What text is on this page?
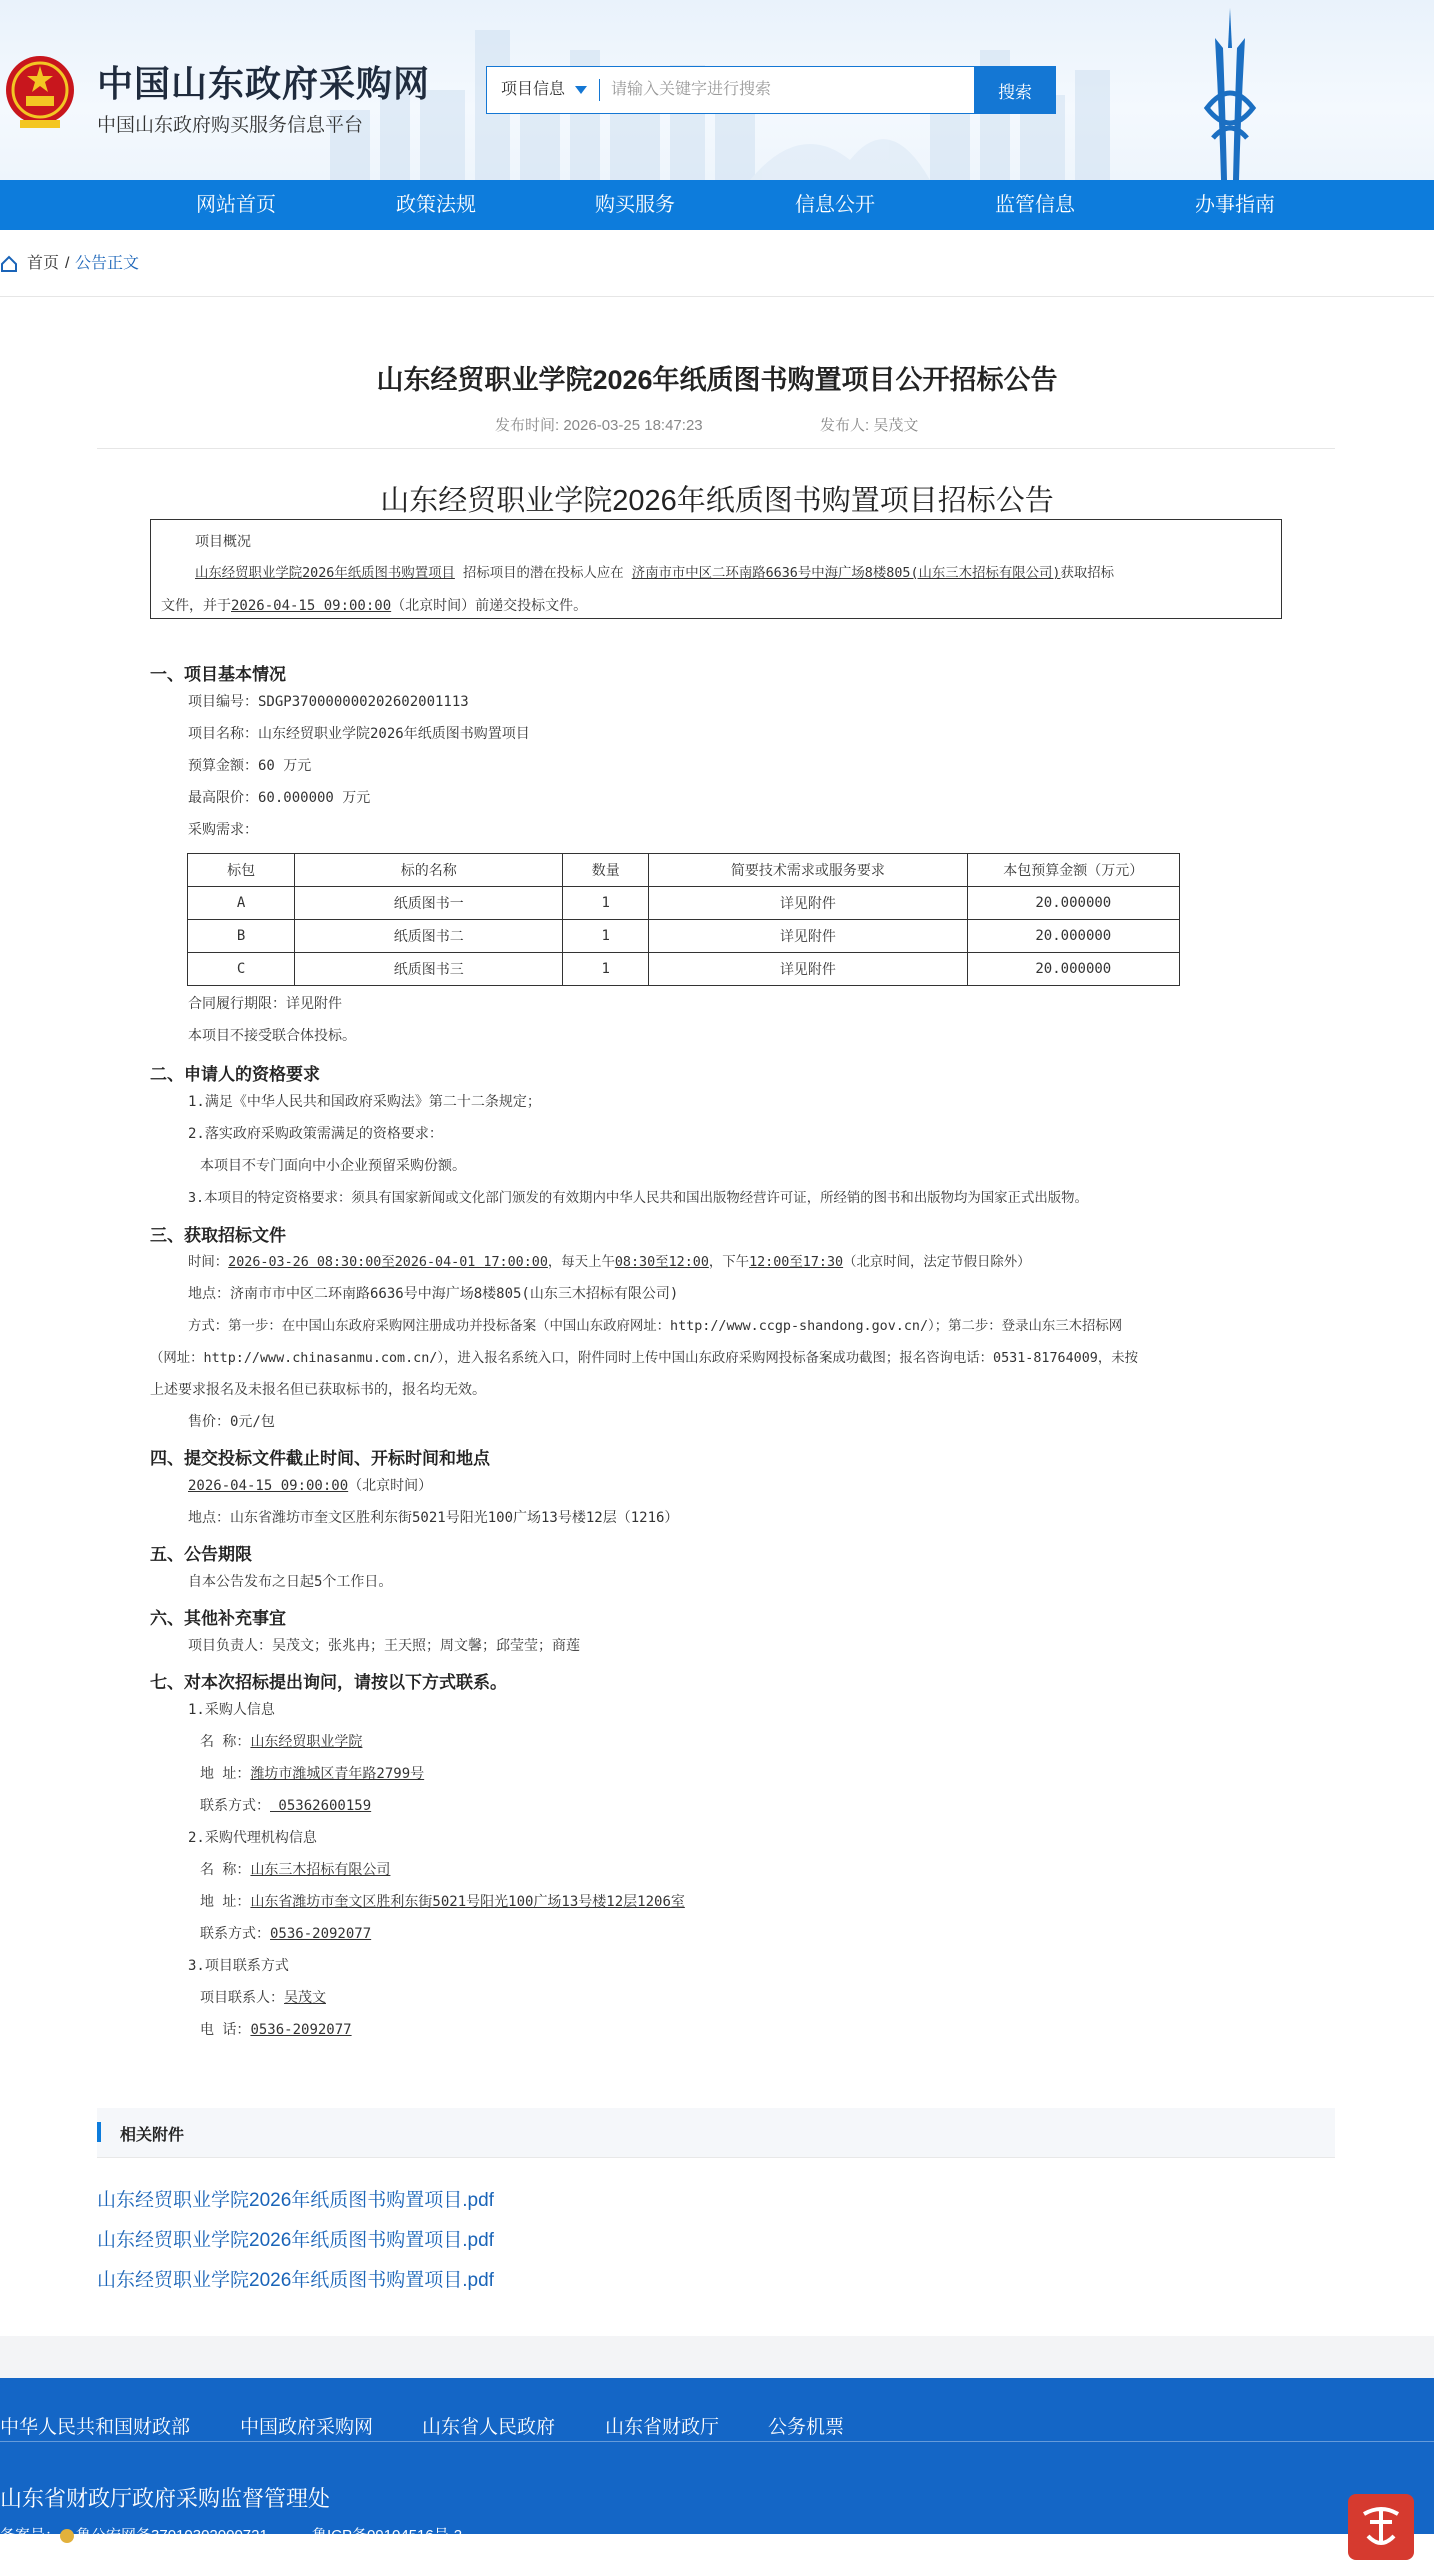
中国山东政府采购网
中国山东政府购买服务信息平台
项目信息
请输入关键字进行搜索	搜索
网站首页	政策法规	购买服务	信息公开	监管信息	办事指南
首页 / 公告正文
山东经贸职业学院2026年纸质图书购置项目公开招标公告
发布时间: 2026-03-25 18:47:23	发布人: 吴茂文
山东经贸职业学院2026年纸质图书购置项目招标公告

项目概况

山东经贸职业学院2026年纸质图书购置项目 招标项目的潜在投标人应在 济南市市中区二环南路6636号中海广场8楼805(山东三木招标有限公司)获取招标

文件，并于2026-04-15 09:00:00（北京时间）前递交投标文件。

一、项目基本情况
项目编号：SDGP370000000202602001113
项目名称：山东经贸职业学院2026年纸质图书购置项目
预算金额：60 万元
最高限价：60.000000 万元
采购需求：
标包	标的名称	数量	简要技术需求或服务要求	本包预算金额（万元）
A	纸质图书一	1	详见附件	20.000000
B	纸质图书二	1	详见附件	20.000000
C	纸质图书三	1	详见附件	20.000000
合同履行期限：详见附件
本项目不接受联合体投标。
二、申请人的资格要求
1.满足《中华人民共和国政府采购法》第二十二条规定；
2.落实政府采购政策需满足的资格要求：
本项目不专门面向中小企业预留采购份额。
3.本项目的特定资格要求：须具有国家新闻或文化部门颁发的有效期内中华人民共和国出版物经营许可证，所经销的图书和出版物均为国家正式出版物。
三、获取招标文件
时间：2026-03-26 08:30:00至2026-04-01 17:00:00，每天上午08:30至12:00，下午12:00至17:30（北京时间，法定节假日除外）
地点：济南市市中区二环南路6636号中海广场8楼805(山东三木招标有限公司)
方式：第一步：在中国山东政府采购网注册成功并投标备案（中国山东政府网址：http://www.ccgp-shandong.gov.cn/）；第二步：登录山东三木招标网
（网址：http://www.chinasanmu.com.cn/），进入报名系统入口，附件同时上传中国山东政府采购网投标备案成功截图；报名咨询电话：0531-81764009，未按
上述要求报名及未报名但已获取标书的，报名均无效。
售价：0元/包
四、提交投标文件截止时间、开标时间和地点
2026-04-15 09:00:00（北京时间）
地点：山东省潍坊市奎文区胜利东街5021号阳光100广场13号楼12层（1216）
五、公告期限
自本公告发布之日起5个工作日。
六、其他补充事宜
项目负责人：吴茂文；张兆冉；王天照；周文馨；邱莹莹；商莲
七、对本次招标提出询问，请按以下方式联系。
1.采购人信息
名 称：山东经贸职业学院
地 址：潍坊市潍城区青年路2799号
联系方式： 05362600159
2.采购代理机构信息
名 称：山东三木招标有限公司
地 址：山东省潍坊市奎文区胜利东街5021号阳光100广场13号楼12层1206室
联系方式：0536-2092077
3.项目联系方式
项目联系人：吴茂文
电 话：0536-2092077
相关附件
山东经贸职业学院2026年纸质图书购置项目.pdf
山东经贸职业学院2026年纸质图书购置项目.pdf
山东经贸职业学院2026年纸质图书购置项目.pdf
中华人民共和国财政部	中国政府采购网	山东省人民政府	山东省财政厅	公务机票
山东省财政厅政府采购监督管理处
备案号： 鲁公安网备37010302000721	鲁ICP备09104516号-2
